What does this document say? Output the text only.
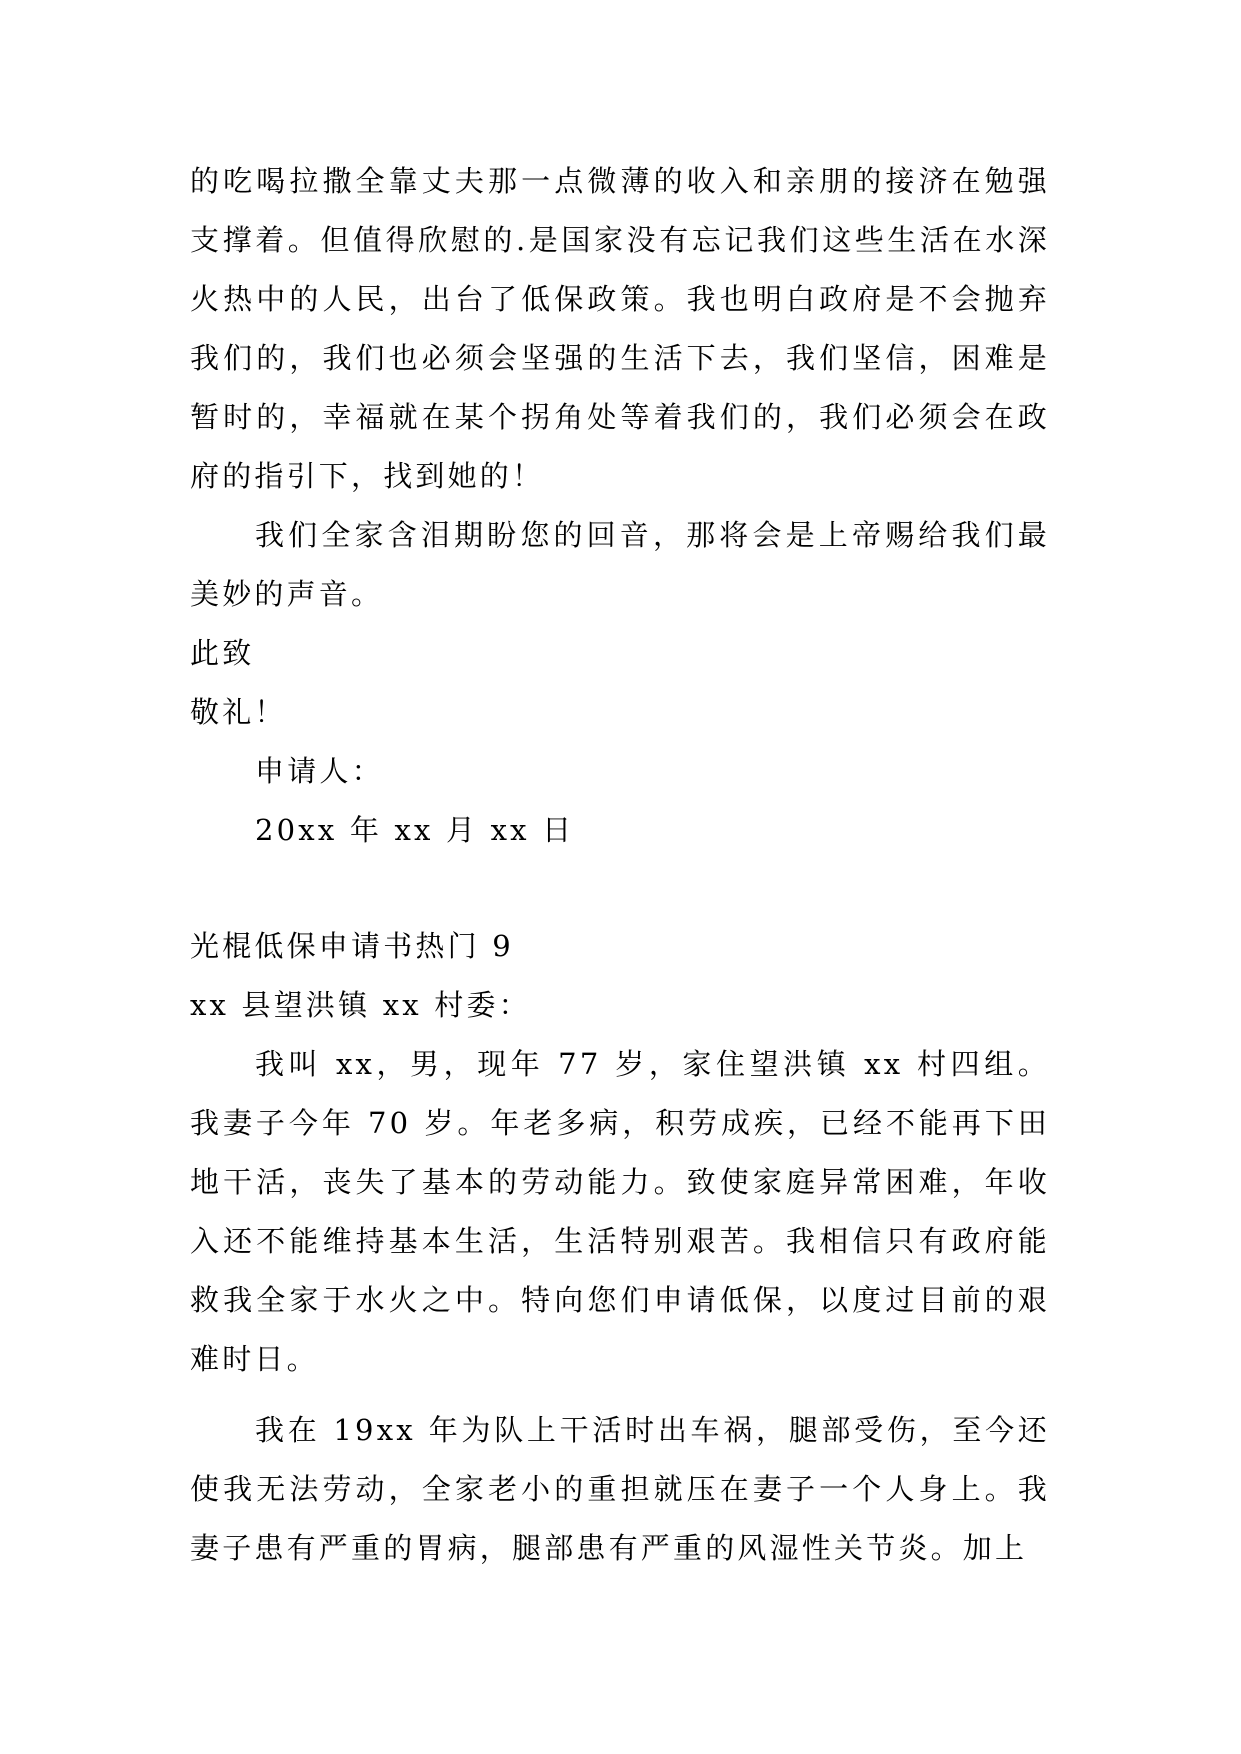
的吃喝拉撒全靠丈夫那一点微薄的收入和亲朋的接济在勉强支撑着。但值得欣慰的.是国家没有忘记我们这些生活在水深火热中的人民，出台了低保政策。我也明白政府是不会抛弃我们的，我们也必须会坚强的生活下去，我们坚信，困难是暂时的，幸福就在某个拐角处等着我们的，我们必须会在政府的指引下，找到她的！

我们全家含泪期盼您的回音，那将会是上帝赐给我们最美妙的声音。

此致

敬礼！

申请人：

20xx 年 xx 月 xx 日

光棍低保申请书热门 9

xx 县望洪镇 xx 村委：

我叫 xx，男，现年 77 岁，家住望洪镇 xx 村四组。我妻子今年 70 岁。年老多病，积劳成疾，已经不能再下田地干活，丧失了基本的劳动能力。致使家庭异常困难，年收入还不能维持基本生活，生活特别艰苦。我相信只有政府能救我全家于水火之中。特向您们申请低保，以度过目前的艰难时日。

我在 19xx 年为队上干活时出车祸，腿部受伤，至今还使我无法劳动，全家老小的重担就压在妻子一个人身上。我妻子患有严重的胃病，腿部患有严重的风湿性关节炎。加上
